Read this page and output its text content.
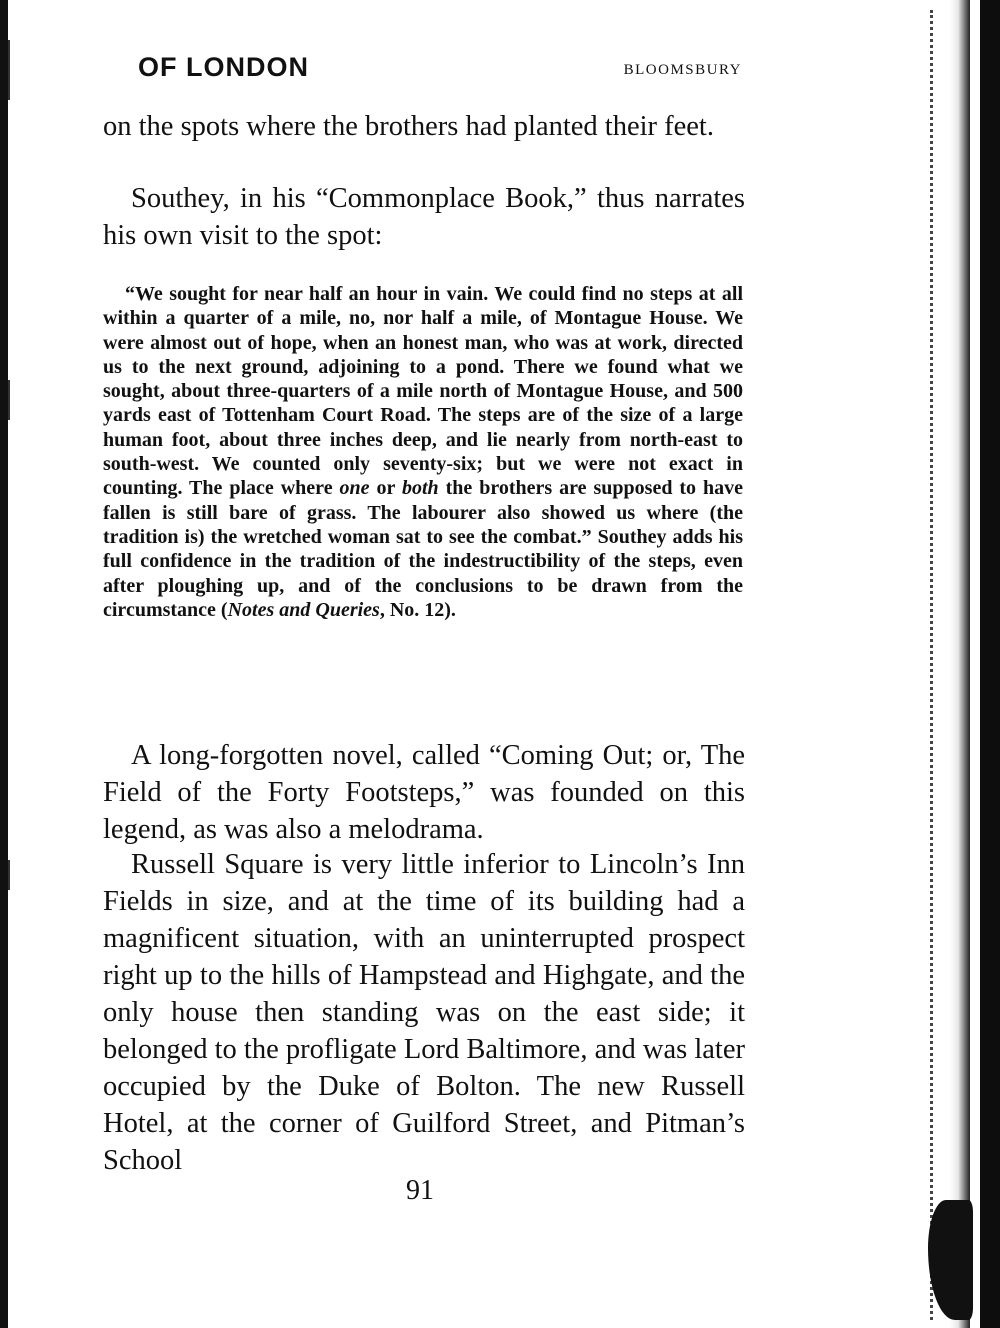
OF LONDON	BLOOMSBURY

on the spots where the brothers had planted their feet.

Southey, in his “Commonplace Book,” thus narrates his own visit to the spot:

“We sought for near half an hour in vain. We could find no steps at all within a quarter of a mile, no, nor half a mile, of Montague House. We were almost out of hope, when an honest man, who was at work, directed us to the next ground, adjoining to a pond. There we found what we sought, about three-quarters of a mile north of Montague House, and 500 yards east of Tottenham Court Road. The steps are of the size of a large human foot, about three inches deep, and lie nearly from north-east to south-west. We counted only seventy-six; but we were not exact in counting. The place where one or both the brothers are supposed to have fallen is still bare of grass. The labourer also showed us where (the tradition is) the wretched woman sat to see the combat.” Southey adds his full confidence in the tradition of the indestructibility of the steps, even after ploughing up, and of the conclusions to be drawn from the circumstance (Notes and Queries, No. 12).

A long-forgotten novel, called “Coming Out; or, The Field of the Forty Footsteps,” was founded on this legend, as was also a melodrama.

Russell Square is very little inferior to Lincoln’s Inn Fields in size, and at the time of its building had a magnificent situation, with an uninterrupted prospect right up to the hills of Hampstead and Highgate, and the only house then standing was on the east side; it belonged to the profligate Lord Baltimore, and was later occupied by the Duke of Bolton. The new Russell Hotel, at the corner of Guilford Street, and Pitman’s School

91
